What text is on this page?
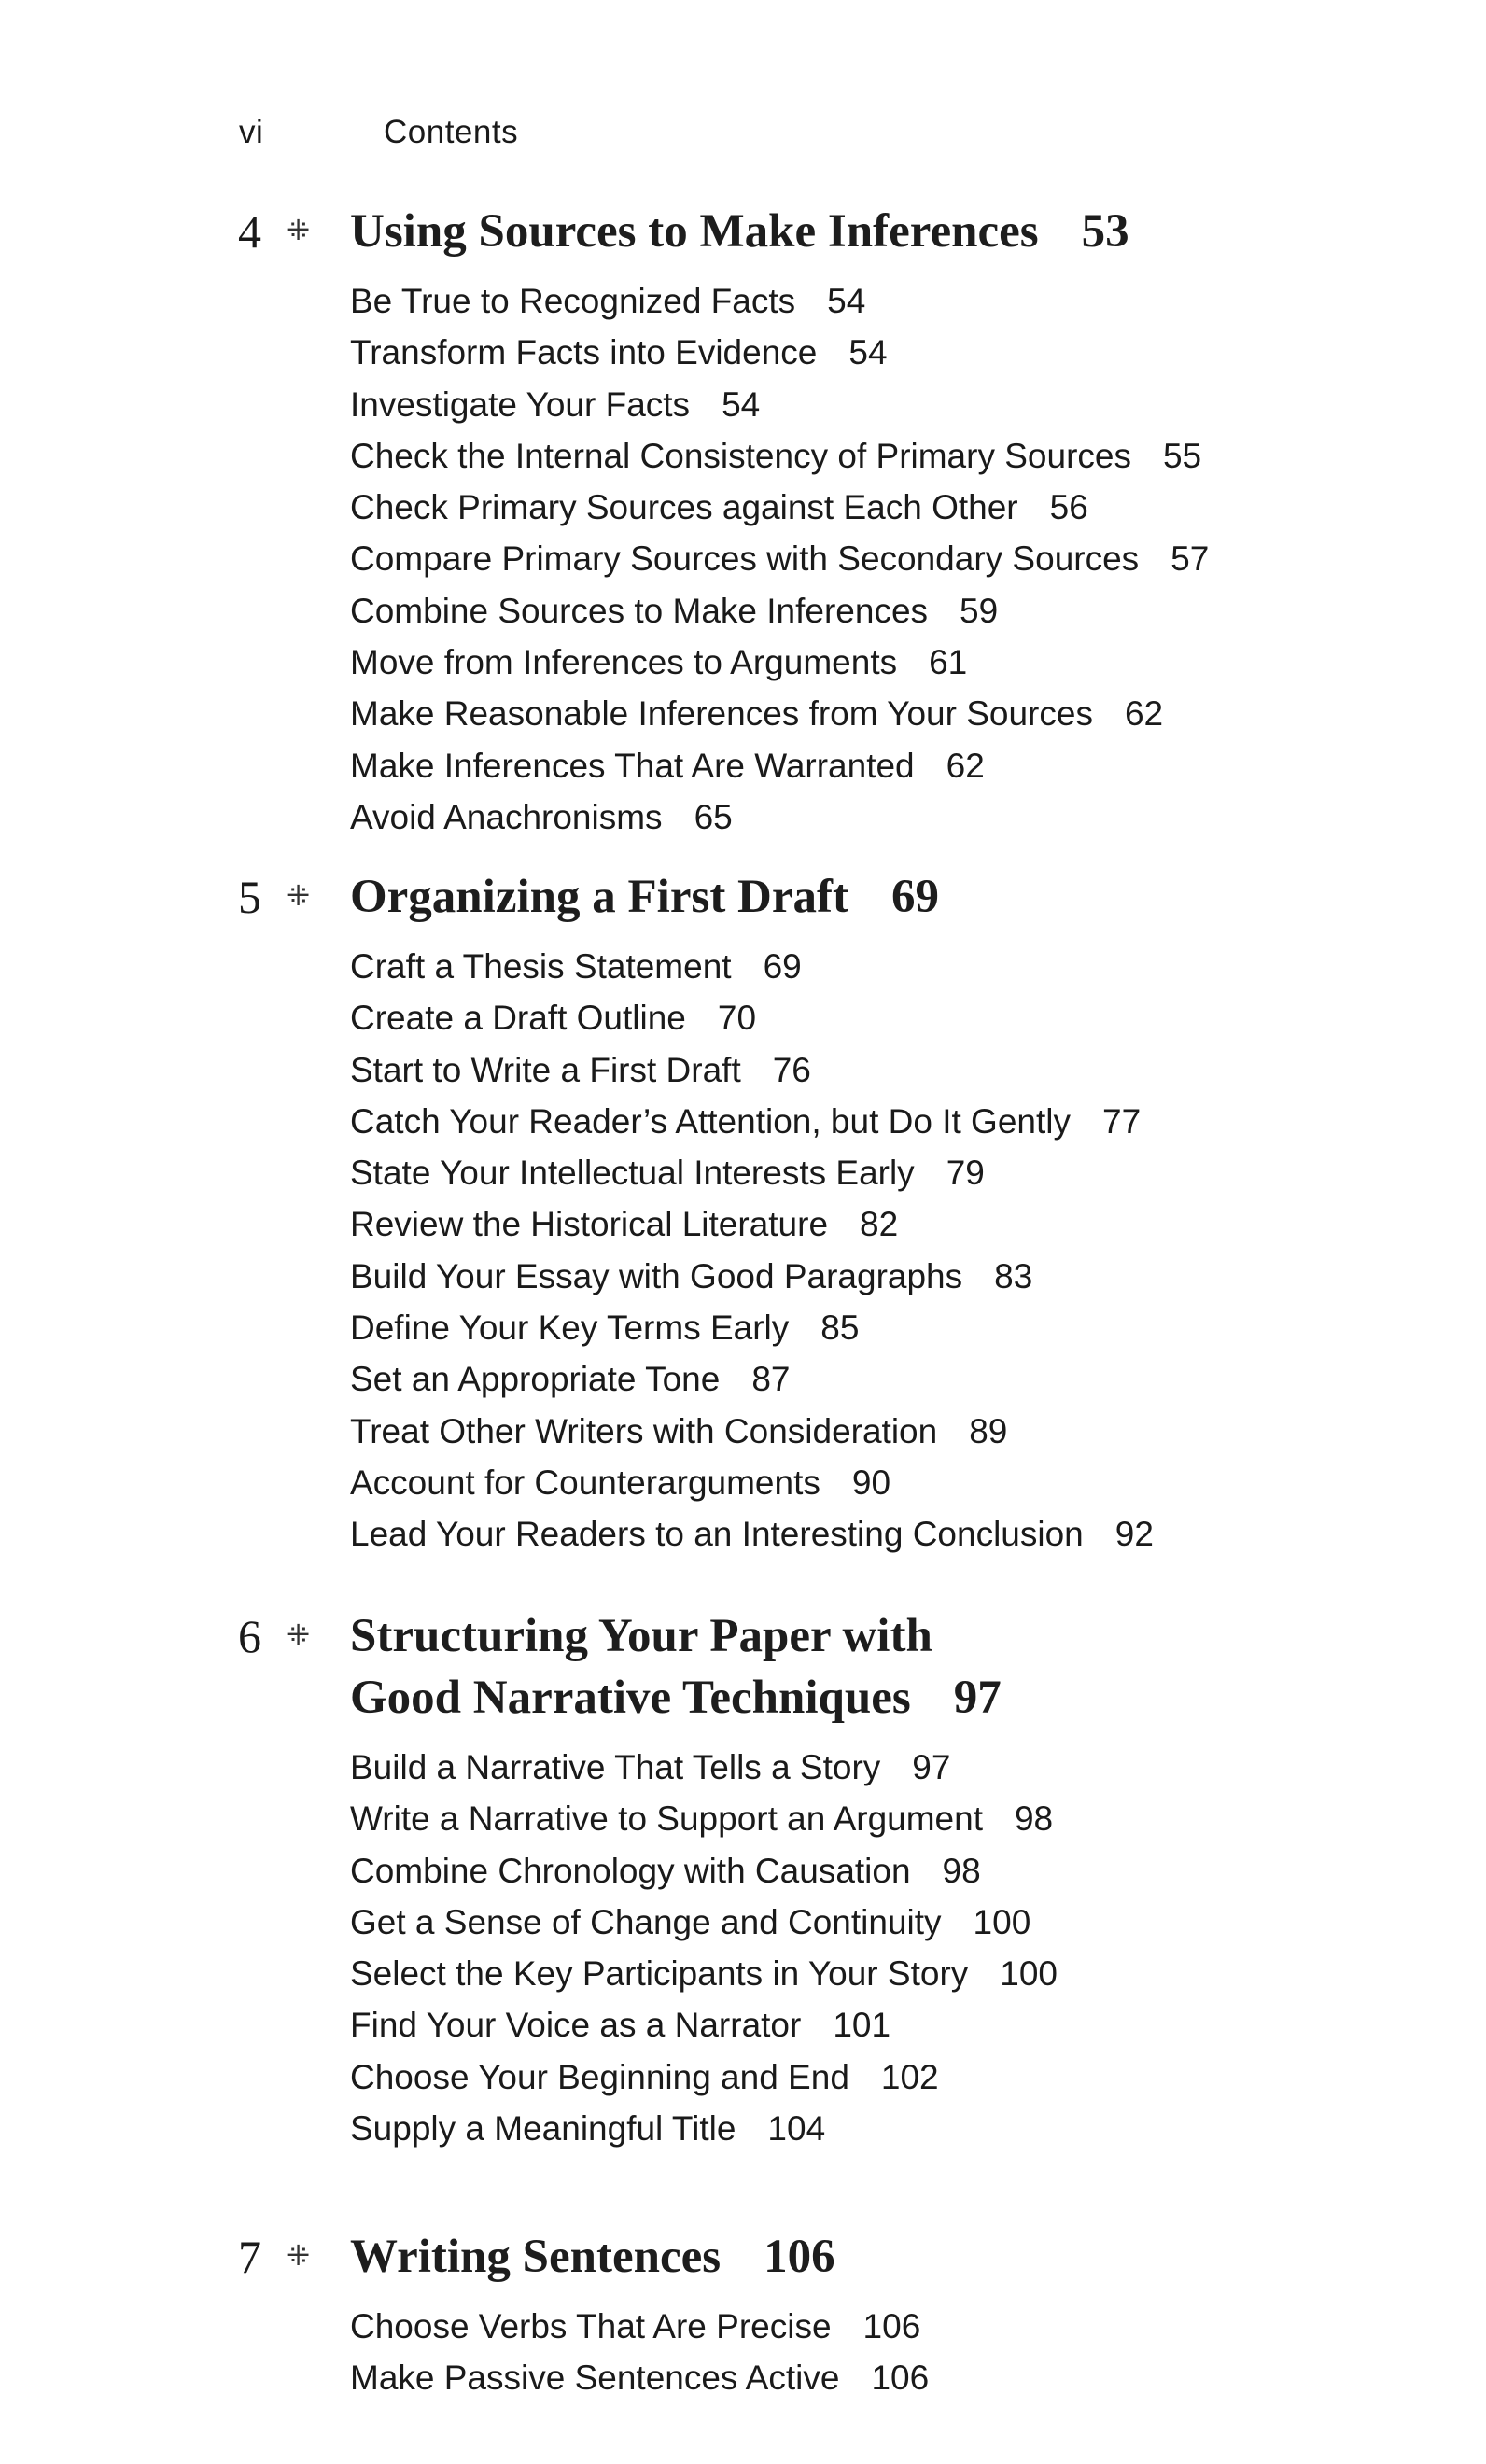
vi	Contents
4 ⁜ Using Sources to Make Inferences 53
Be True to Recognized Facts 54
Transform Facts into Evidence 54
Investigate Your Facts 54
Check the Internal Consistency of Primary Sources 55
Check Primary Sources against Each Other 56
Compare Primary Sources with Secondary Sources 57
Combine Sources to Make Inferences 59
Move from Inferences to Arguments 61
Make Reasonable Inferences from Your Sources 62
Make Inferences That Are Warranted 62
Avoid Anachronisms 65
5 ⁜ Organizing a First Draft 69
Craft a Thesis Statement 69
Create a Draft Outline 70
Start to Write a First Draft 76
Catch Your Reader’s Attention, but Do It Gently 77
State Your Intellectual Interests Early 79
Review the Historical Literature 82
Build Your Essay with Good Paragraphs 83
Define Your Key Terms Early 85
Set an Appropriate Tone 87
Treat Other Writers with Consideration 89
Account for Counterarguments 90
Lead Your Readers to an Interesting Conclusion 92
6 ⁜ Structuring Your Paper with
Good Narrative Techniques 97
Build a Narrative That Tells a Story 97
Write a Narrative to Support an Argument 98
Combine Chronology with Causation 98
Get a Sense of Change and Continuity 100
Select the Key Participants in Your Story 100
Find Your Voice as a Narrator 101
Choose Your Beginning and End 102
Supply a Meaningful Title 104
7 ⁜ Writing Sentences 106
Choose Verbs That Are Precise 106
Make Passive Sentences Active 106
